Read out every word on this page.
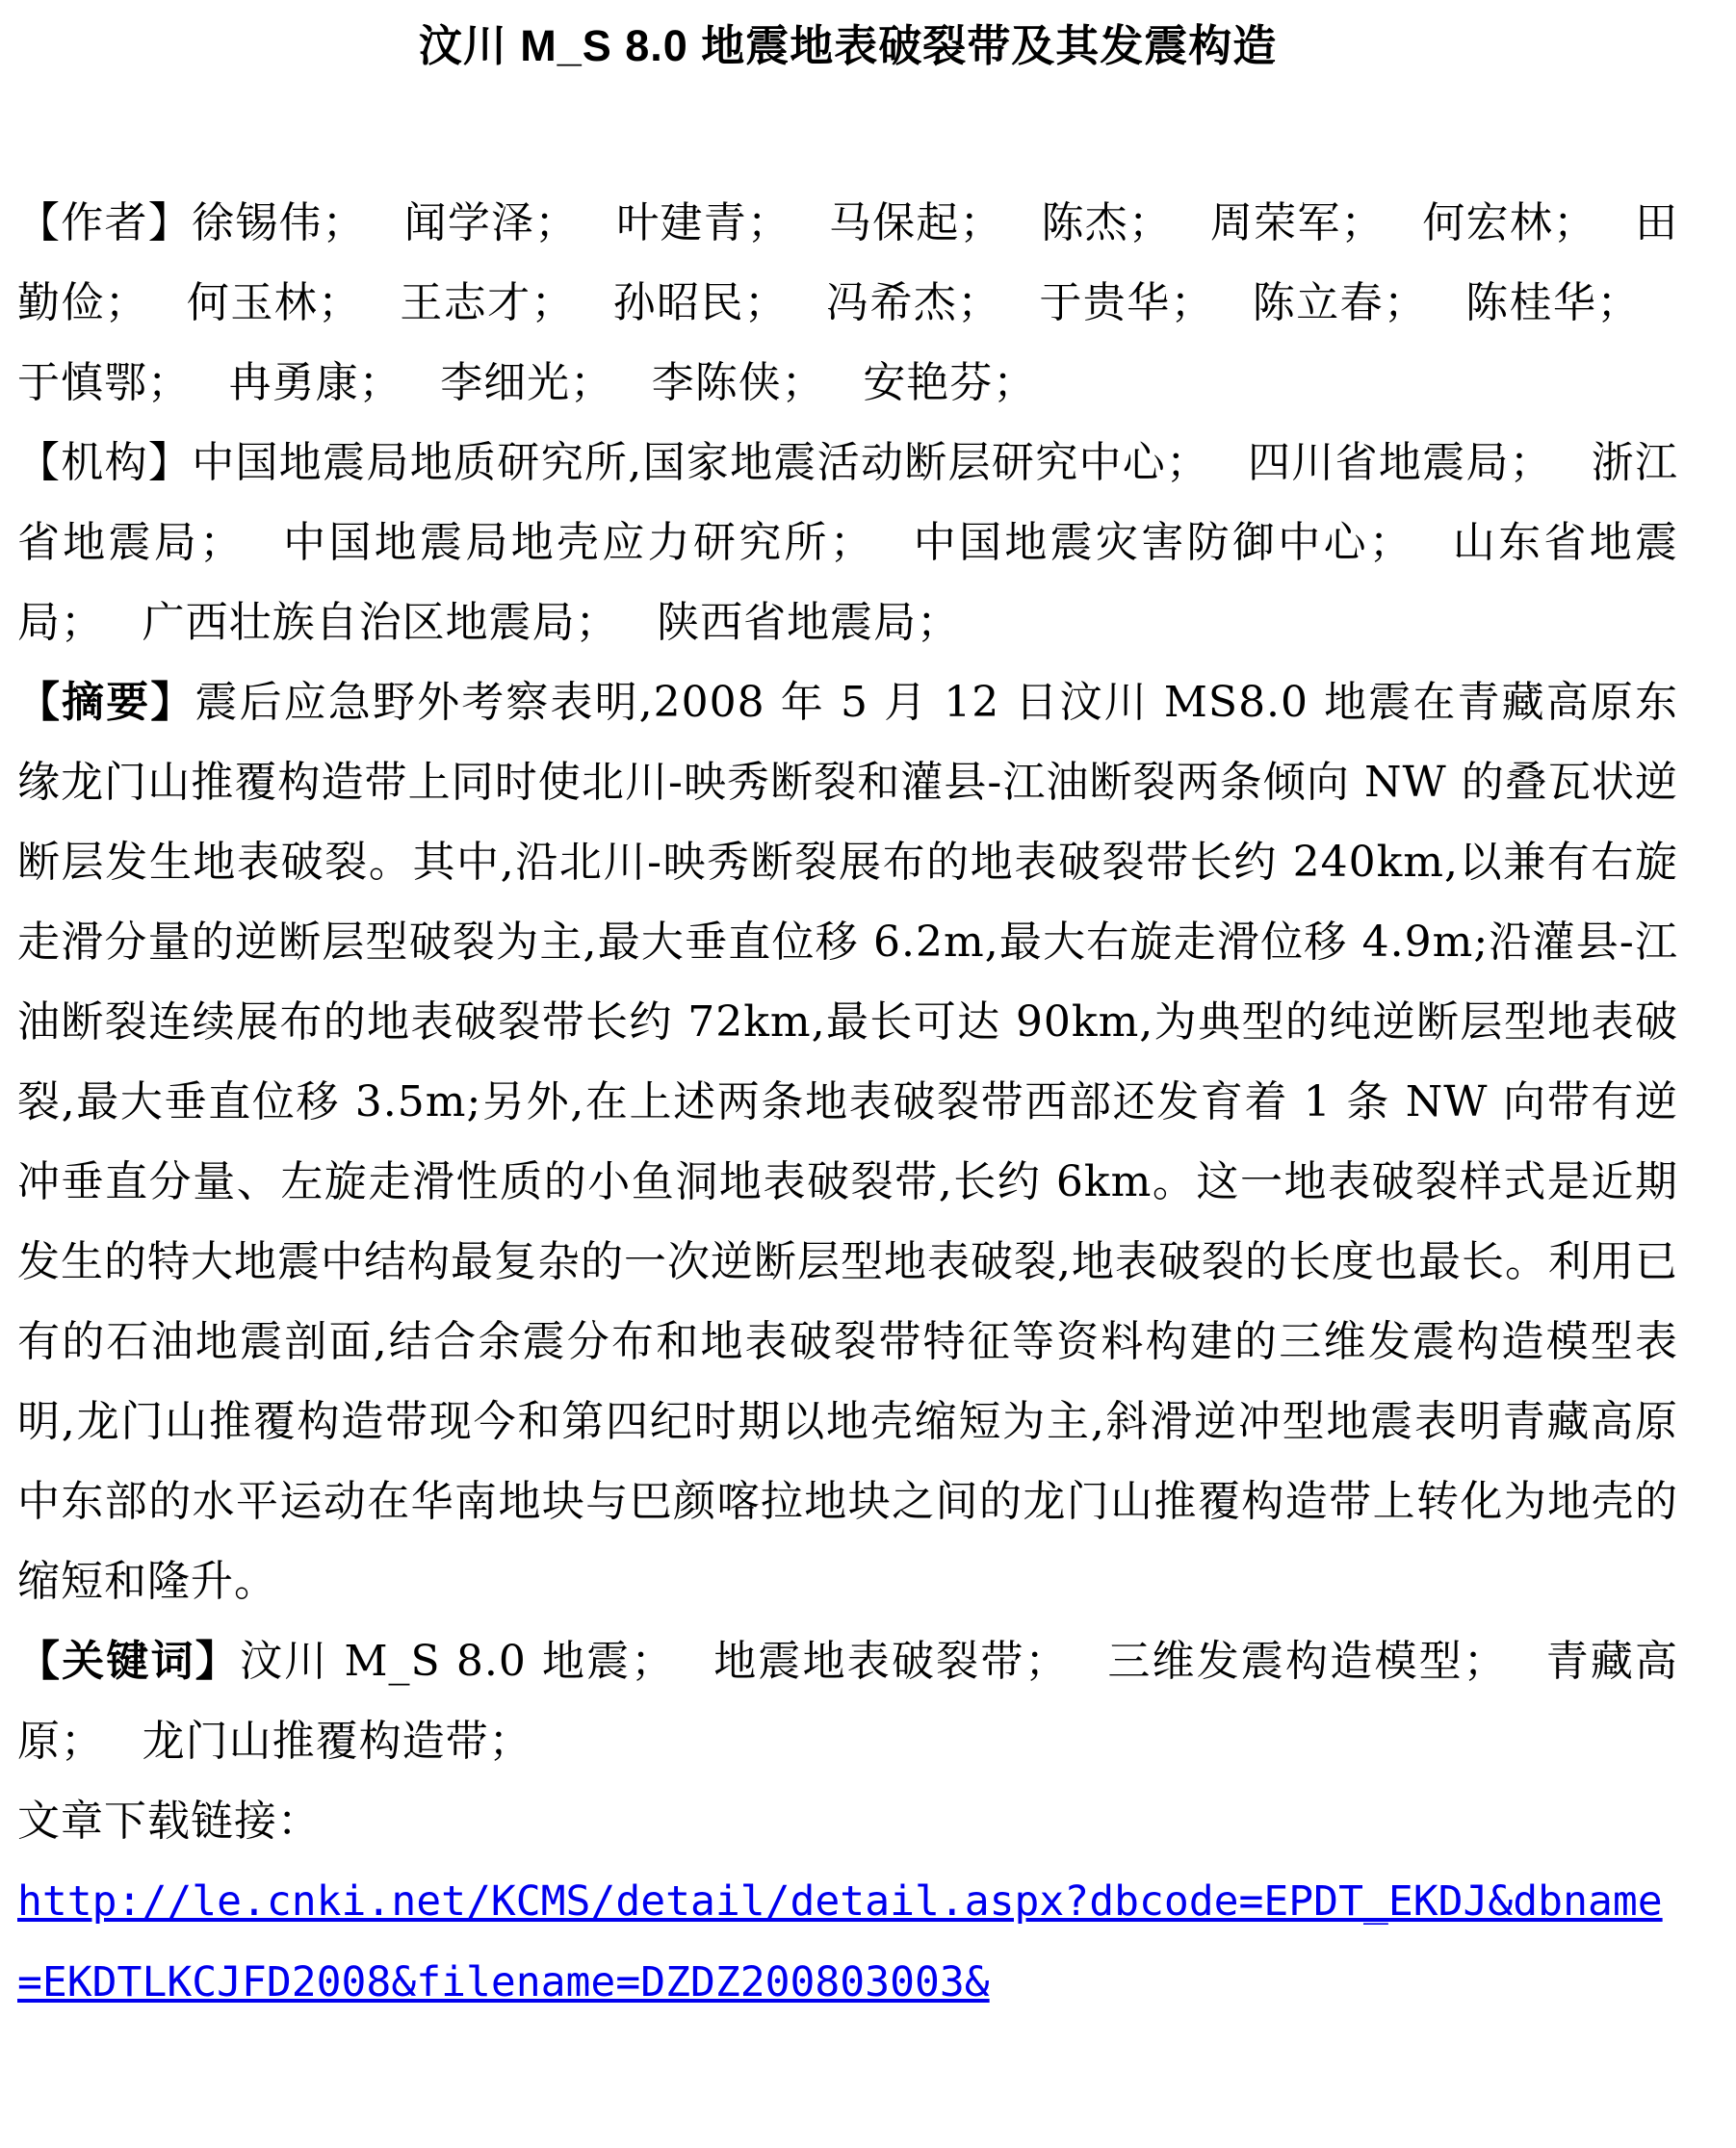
汶川 M_S 8.0 地震地表破裂带及其发震构造

【作者】徐锡伟； 闻学泽； 叶建青； 马保起； 陈杰； 周荣军； 何宏林； 田勤俭； 何玉林； 王志才； 孙昭民； 冯希杰； 于贵华； 陈立春； 陈桂华；于慎鄂； 冉勇康； 李细光； 李陈侠； 安艳芬；

【机构】中国地震局地质研究所,国家地震活动断层研究中心； 四川省地震局； 浙江省地震局； 中国地震局地壳应力研究所； 中国地震灾害防御中心； 山东省地震局； 广西壮族自治区地震局； 陕西省地震局；

【摘要】震后应急野外考察表明,2008 年 5 月 12 日汶川 MS8.0 地震在青藏高原东缘龙门山推覆构造带上同时使北川-映秀断裂和灌县-江油断裂两条倾向 NW 的叠瓦状逆断层发生地表破裂。其中,沿北川-映秀断裂展布的地表破裂带长约 240km,以兼有右旋走滑分量的逆断层型破裂为主,最大垂直位移 6.2m,最大右旋走滑位移 4.9m;沿灌县-江油断裂连续展布的地表破裂带长约 72km,最长可达 90km,为典型的纯逆断层型地表破裂,最大垂直位移 3.5m;另外,在上述两条地表破裂带西部还发育着 1 条 NW 向带有逆冲垂直分量、左旋走滑性质的小鱼洞地表破裂带,长约 6km。这一地表破裂样式是近期发生的特大地震中结构最复杂的一次逆断层型地表破裂,地表破裂的长度也最长。利用已有的石油地震剖面,结合余震分布和地表破裂带特征等资料构建的三维发震构造模型表明,龙门山推覆构造带现今和第四纪时期以地壳缩短为主,斜滑逆冲型地震表明青藏高原中东部的水平运动在华南地块与巴颜喀拉地块之间的龙门山推覆构造带上转化为地壳的缩短和隆升。

【关键词】汶川 M_S 8.0 地震； 地震地表破裂带； 三维发震构造模型； 青藏高原； 龙门山推覆构造带；

文章下载链接：

http://le.cnki.net/KCMS/detail/detail.aspx?dbcode=EPDT_EKDJ&dbname=EKDTLKCJFD2008&filename=DZDZ200803003&
